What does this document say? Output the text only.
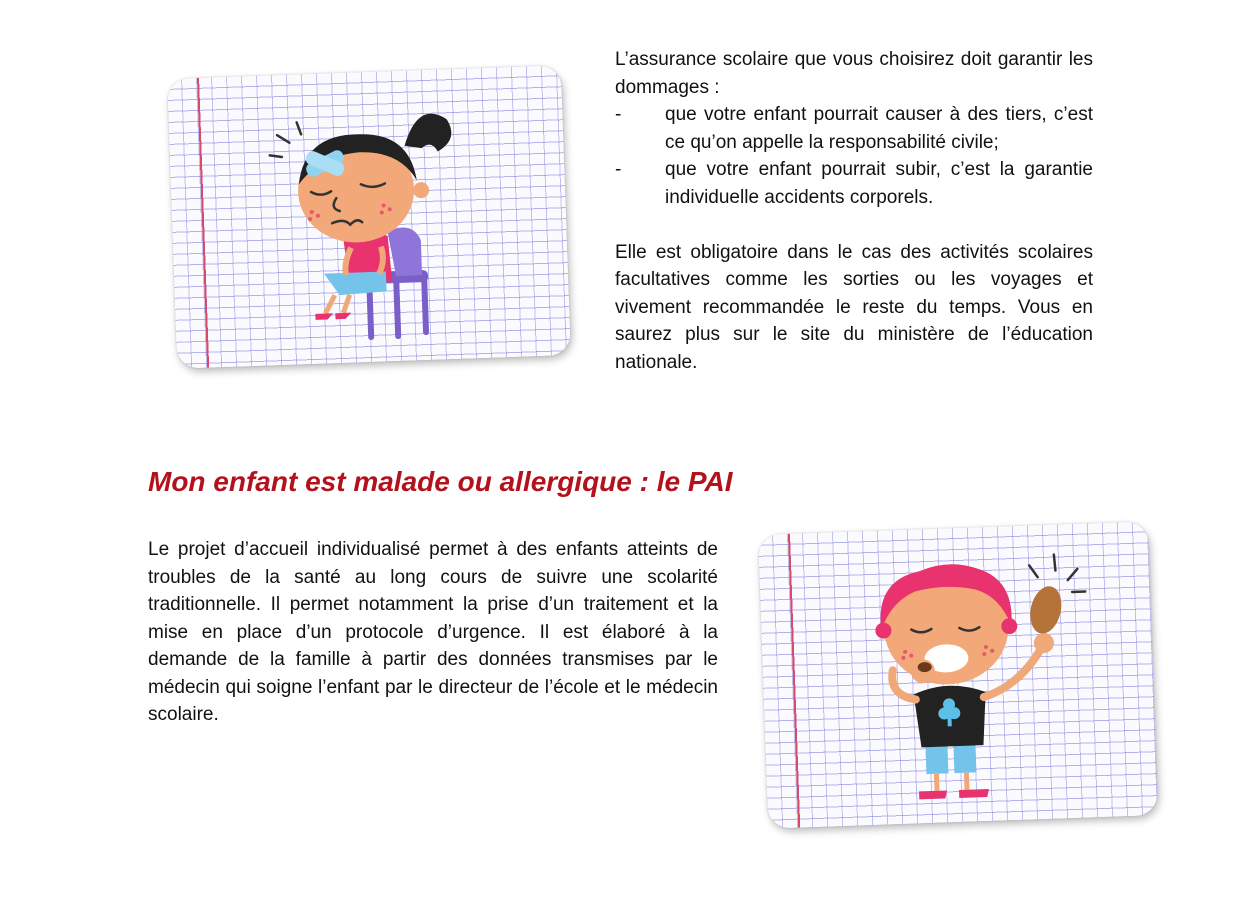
L’assurance scolaire que vous choisirez doit garantir les dommages :

-	que votre enfant pourrait causer à des tiers, c’est ce qu’on appelle la responsabilité civile;
-	que votre enfant pourrait subir, c’est la garantie individuelle accidents corporels.

Elle est obligatoire dans le cas des activités scolaires facultatives comme les sorties ou les voyages et vivement recommandée le reste du temps. Vous en saurez plus sur le site du ministère de l’éducation nationale.

Mon enfant est malade ou allergique : le PAI

Le projet d’accueil individualisé permet à des enfants atteints de troubles de la santé au long cours de suivre une scolarité traditionnelle. Il permet notamment la prise d’un traitement et la mise en place d’un protocole d’urgence. Il est élaboré à la demande de la famille à partir des données transmises par le médecin qui soigne l’enfant par le directeur de l’école et le médecin scolaire.
